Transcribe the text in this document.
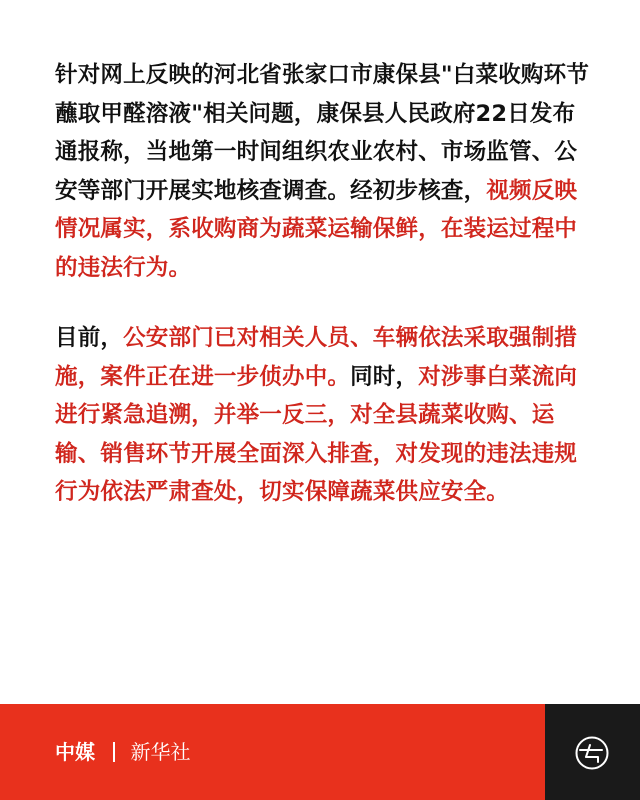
针对网上反映的河北省张家口市康保县"白菜收购环节蘸取甲醛溶液"相关问题，康保县人民政府22日发布通报称，当地第一时间组织农业农村、市场监管、公安等部门开展实地核查调查。经初步核查，视频反映情况属实，系收购商为蔬菜运输保鲜，在装运过程中的违法行为。

目前，公安部门已对相关人员、车辆依法采取强制措施，案件正在进一步侦办中。同时，对涉事白菜流向进行紧急追溯，并举一反三，对全县蔬菜收购、运输、销售环节开展全面深入排查，对发现的违法违规行为依法严肃查处，切实保障蔬菜供应安全。

中媒 新华社
